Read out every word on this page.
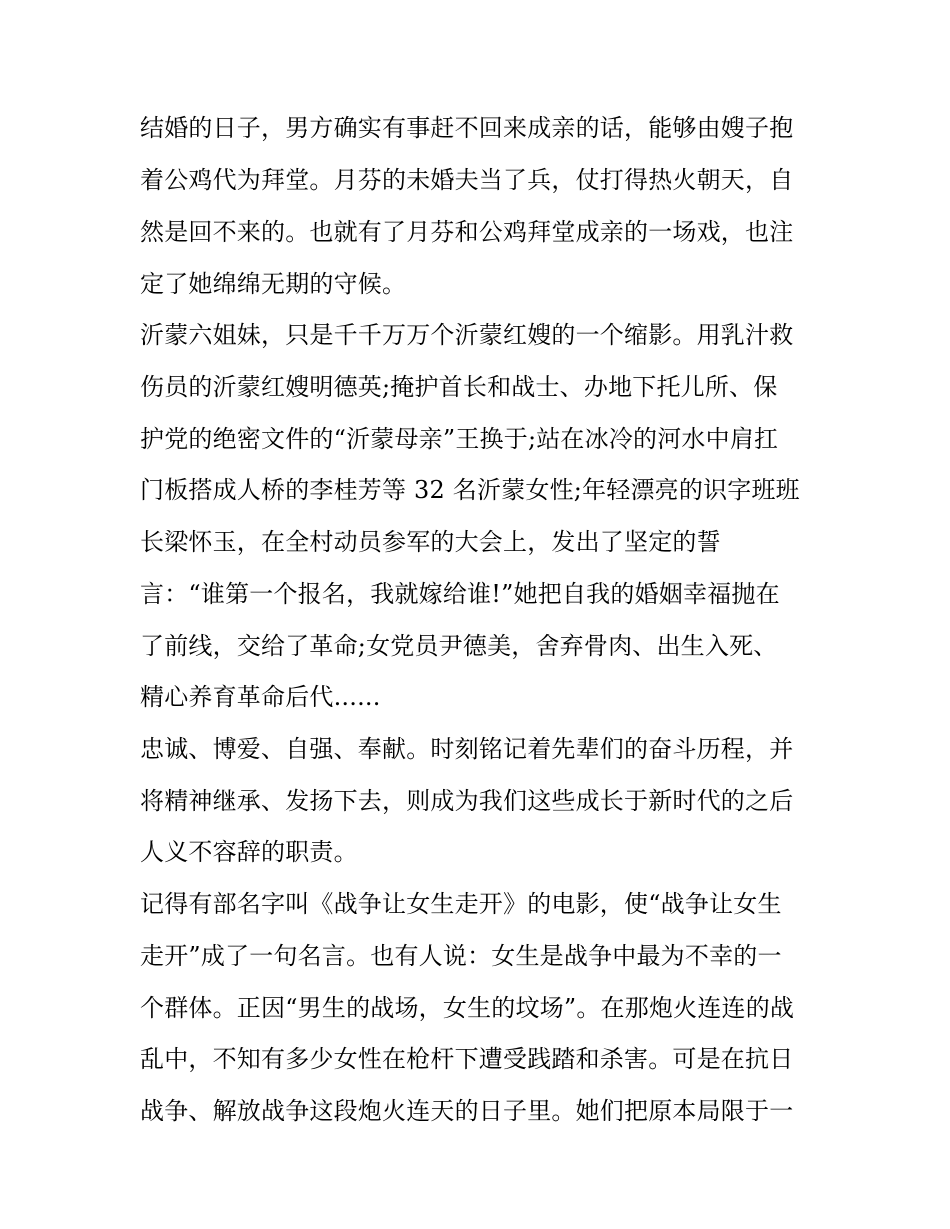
结婚的日子，男方确实有事赶不回来成亲的话，能够由嫂子抱

着公鸡代为拜堂。月芬的未婚夫当了兵，仗打得热火朝天，自

然是回不来的。也就有了月芬和公鸡拜堂成亲的一场戏，也注

定了她绵绵无期的守候。

沂蒙六姐妹，只是千千万万个沂蒙红嫂的一个缩影。用乳汁救

伤员的沂蒙红嫂明德英;掩护首长和战士、办地下托儿所、保

护党的绝密文件的“沂蒙母亲”王换于;站在冰冷的河水中肩扛

门板搭成人桥的李桂芳等 32 名沂蒙女性;年轻漂亮的识字班班

长梁怀玉，在全村动员参军的大会上，发出了坚定的誓

言：“谁第一个报名，我就嫁给谁!”她把自我的婚姻幸福抛在

了前线，交给了革命;女党员尹德美，舍弃骨肉、出生入死、

精心养育革命后代......

忠诚、博爱、自强、奉献。时刻铭记着先辈们的奋斗历程，并

将精神继承、发扬下去，则成为我们这些成长于新时代的之后

人义不容辞的职责。

记得有部名字叫《战争让女生走开》的电影，使“战争让女生

走开”成了一句名言。也有人说：女生是战争中最为不幸的一

个群体。正因“男生的战场，女生的坟场”。在那炮火连连的战

乱中，不知有多少女性在枪杆下遭受践踏和杀害。可是在抗日

战争、解放战争这段炮火连天的日子里。她们把原本局限于一
